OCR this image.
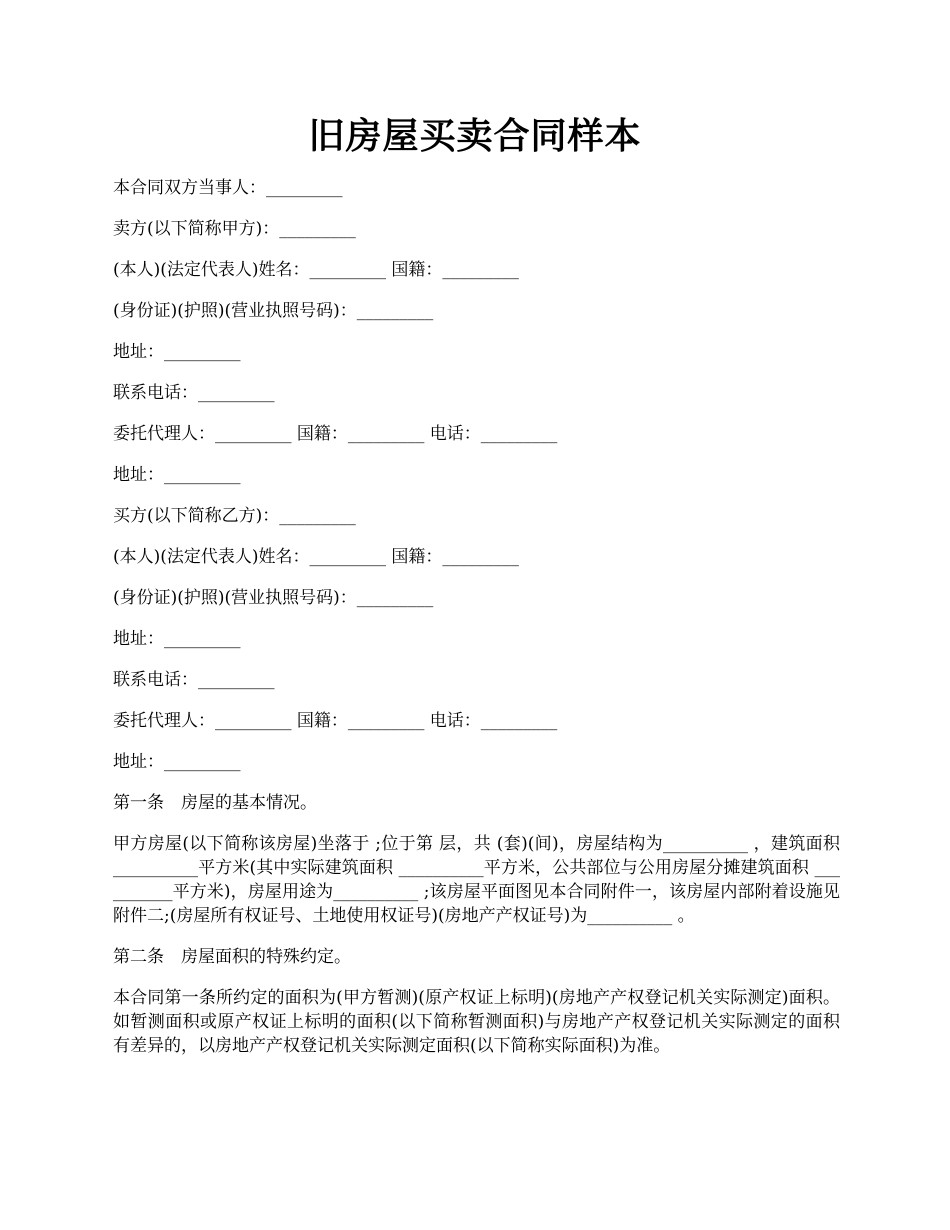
旧房屋买卖合同样本
本合同双方当事人：_________
卖方(以下简称甲方)：_________
(本人)(法定代表人)姓名：_________ 国籍：_________
(身份证)(护照)(营业执照号码)：_________
地址：_________
联系电话：_________
委托代理人：_________ 国籍：_________ 电话：_________
地址：_________
买方(以下简称乙方)：_________
(本人)(法定代表人)姓名：_________ 国籍：_________
(身份证)(护照)(营业执照号码)：_________
地址：_________
联系电话：_________
委托代理人：_________ 国籍：_________ 电话：_________
地址：_________
第一条　房屋的基本情况。
甲方房屋(以下简称该房屋)坐落于 ;位于第 层，共 (套)(间)，房屋结构为__________ ，建筑面积 __________平方米(其中实际建筑面积 __________平方米，公共部位与公用房屋分摊建筑面积 __________平方米)，房屋用途为__________ ;该房屋平面图见本合同附件一，该房屋内部附着设施见附件二;(房屋所有权证号、土地使用权证号)(房地产产权证号)为__________ 。
第二条　房屋面积的特殊约定。
本合同第一条所约定的面积为(甲方暂测)(原产权证上标明)(房地产产权登记机关实际测定)面积。如暂测面积或原产权证上标明的面积(以下简称暂测面积)与房地产产权登记机关实际测定的面积有差异的，以房地产产权登记机关实际测定面积(以下简称实际面积)为准。
